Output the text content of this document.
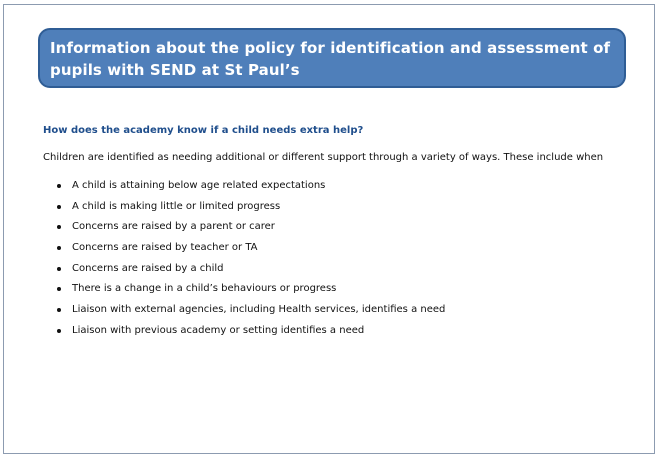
Information about the policy for identification and assessment of pupils with SEND at St Paul’s
How does the academy know if a child needs extra help?
Children are identified as needing additional or different support through a variety of ways. These include when
A child is attaining below age related expectations
A child is making little or limited progress
Concerns are raised by a parent or carer
Concerns are raised by teacher or TA
Concerns are raised by a child
There is a change in a child’s behaviours or progress
Liaison with external agencies, including Health services, identifies a need
Liaison with previous academy or setting identifies a need
